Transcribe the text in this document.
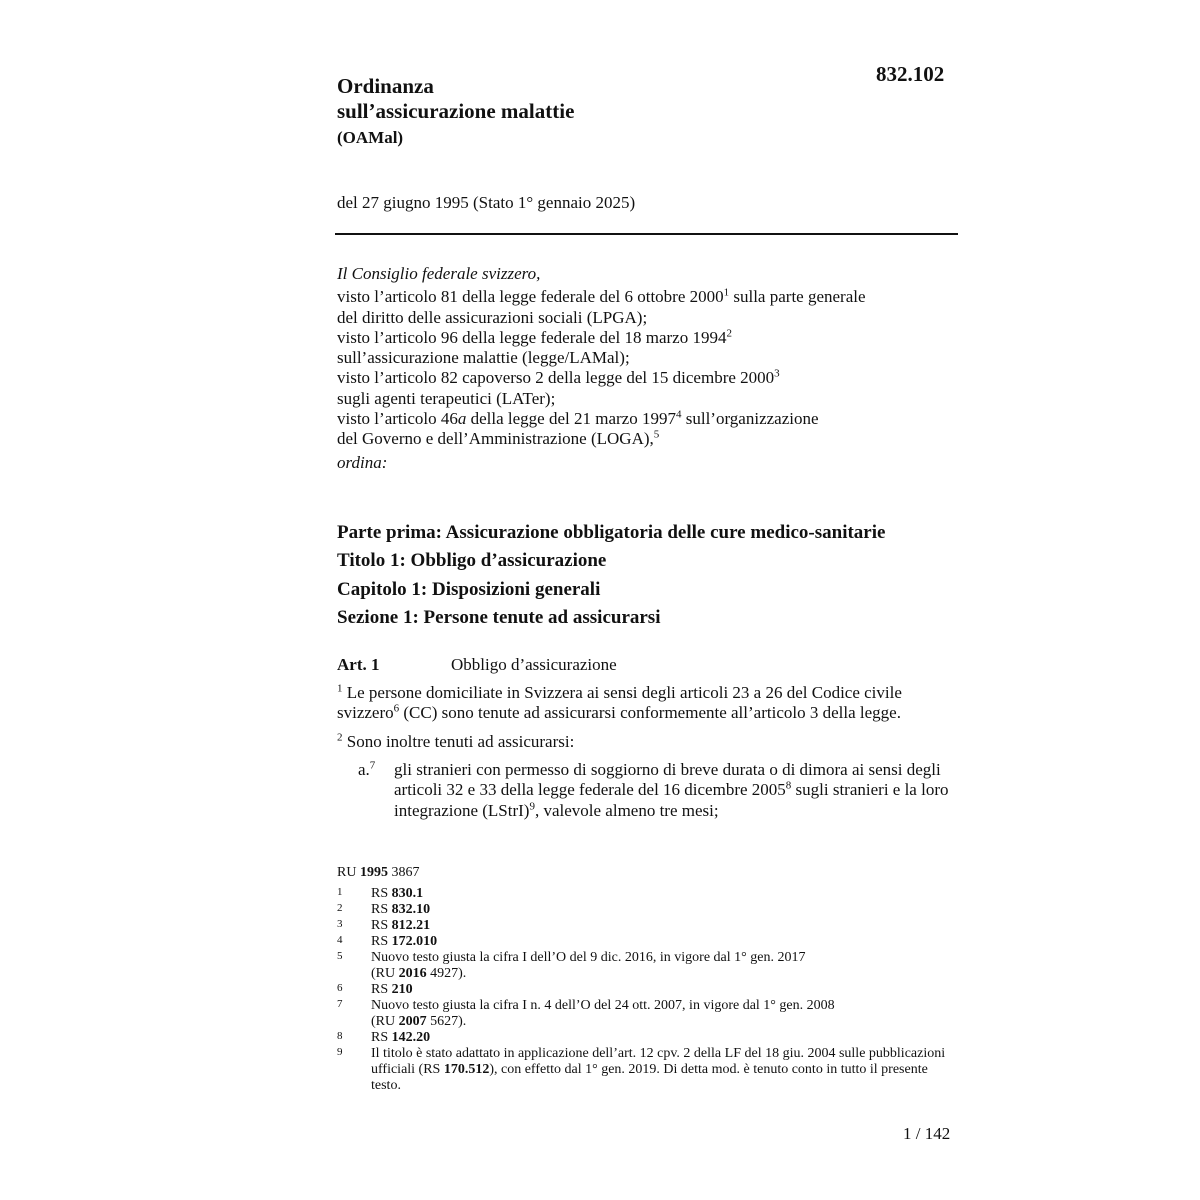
832.102
Ordinanza
sull’assicurazione malattie
(OAMal)
del 27 giugno 1995 (Stato 1° gennaio 2025)
Il Consiglio federale svizzero,
visto l’articolo 81 della legge federale del 6 ottobre 2000$^1$ sulla parte generale
del diritto delle assicurazioni sociali (LPGA);
visto l’articolo 96 della legge federale del 18 marzo 1994$^2$
sull’assicurazione malattie (legge/LAMal);
visto l’articolo 82 capoverso 2 della legge del 15 dicembre 2000$^3$
sugli agenti terapeutici (LATer);
visto l’articolo 46a della legge del 21 marzo 1997$^4$ sull’organizzazione
del Governo e dell’Amministrazione (LOGA),$^5$
ordina:
Parte prima: Assicurazione obbligatoria delle cure medico-sanitarie
Titolo 1: Obbligo d’assicurazione
Capitolo 1: Disposizioni generali
Sezione 1: Persone tenute ad assicurarsi
Art. 1	Obbligo d’assicurazione
$^1$ Le persone domiciliate in Svizzera ai sensi degli articoli 23 a 26 del Codice civile svizzero$^6$ (CC) sono tenute ad assicurarsi conformemente all’articolo 3 della legge.
$^2$ Sono inoltre tenuti ad assicurarsi:
a.$^7$ gli stranieri con permesso di soggiorno di breve durata o di dimora ai sensi degli articoli 32 e 33 della legge federale del 16 dicembre 2005$^8$ sugli stranieri e la loro integrazione (LStrI)$^9$, valevole almeno tre mesi;
RU 1995 3867
1	RS 830.1
2	RS 832.10
3	RS 812.21
4	RS 172.010
5	Nuovo testo giusta la cifra I dell’O del 9 dic. 2016, in vigore dal 1° gen. 2017
(RU 2016 4927).
6	RS 210
7	Nuovo testo giusta la cifra I n. 4 dell’O del 24 ott. 2007, in vigore dal 1° gen. 2008
(RU 2007 5627).
8	RS 142.20
9	Il titolo è stato adattato in applicazione dell’art. 12 cpv. 2 della LF del 18 giu. 2004 sulle pubblicazioni ufficiali (RS 170.512), con effetto dal 1° gen. 2019. Di detta mod. è tenuto conto in tutto il presente testo.
1 / 142
